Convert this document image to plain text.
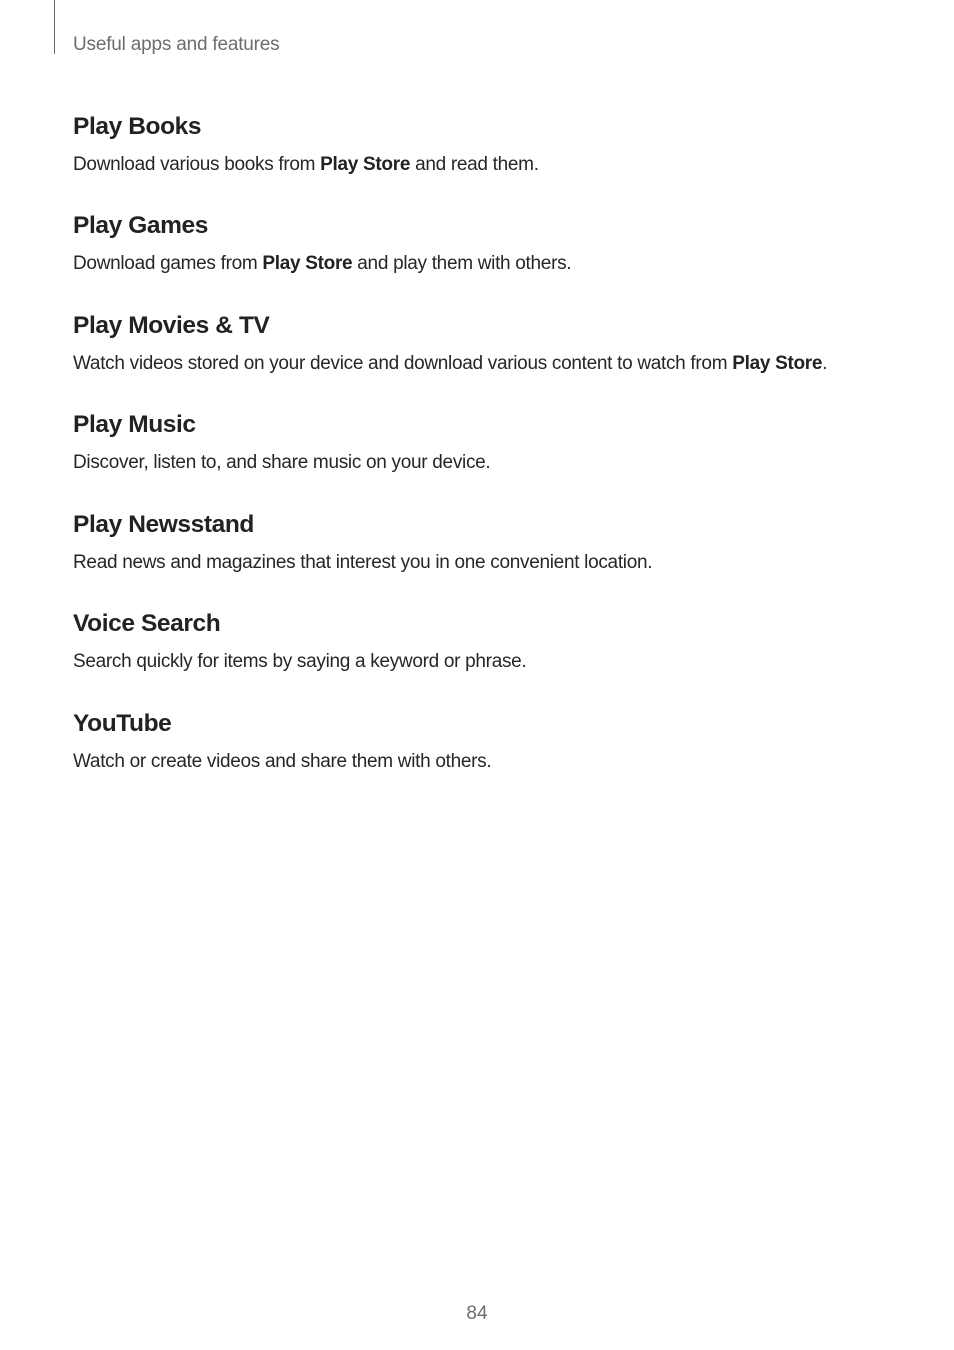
Useful apps and features
Play Books

Download various books from Play Store and read them.

Play Games

Download games from Play Store and play them with others.

Play Movies & TV

Watch videos stored on your device and download various content to watch from Play Store.

Play Music

Discover, listen to, and share music on your device.

Play Newsstand

Read news and magazines that interest you in one convenient location.

Voice Search

Search quickly for items by saying a keyword or phrase.

YouTube

Watch or create videos and share them with others.

84
